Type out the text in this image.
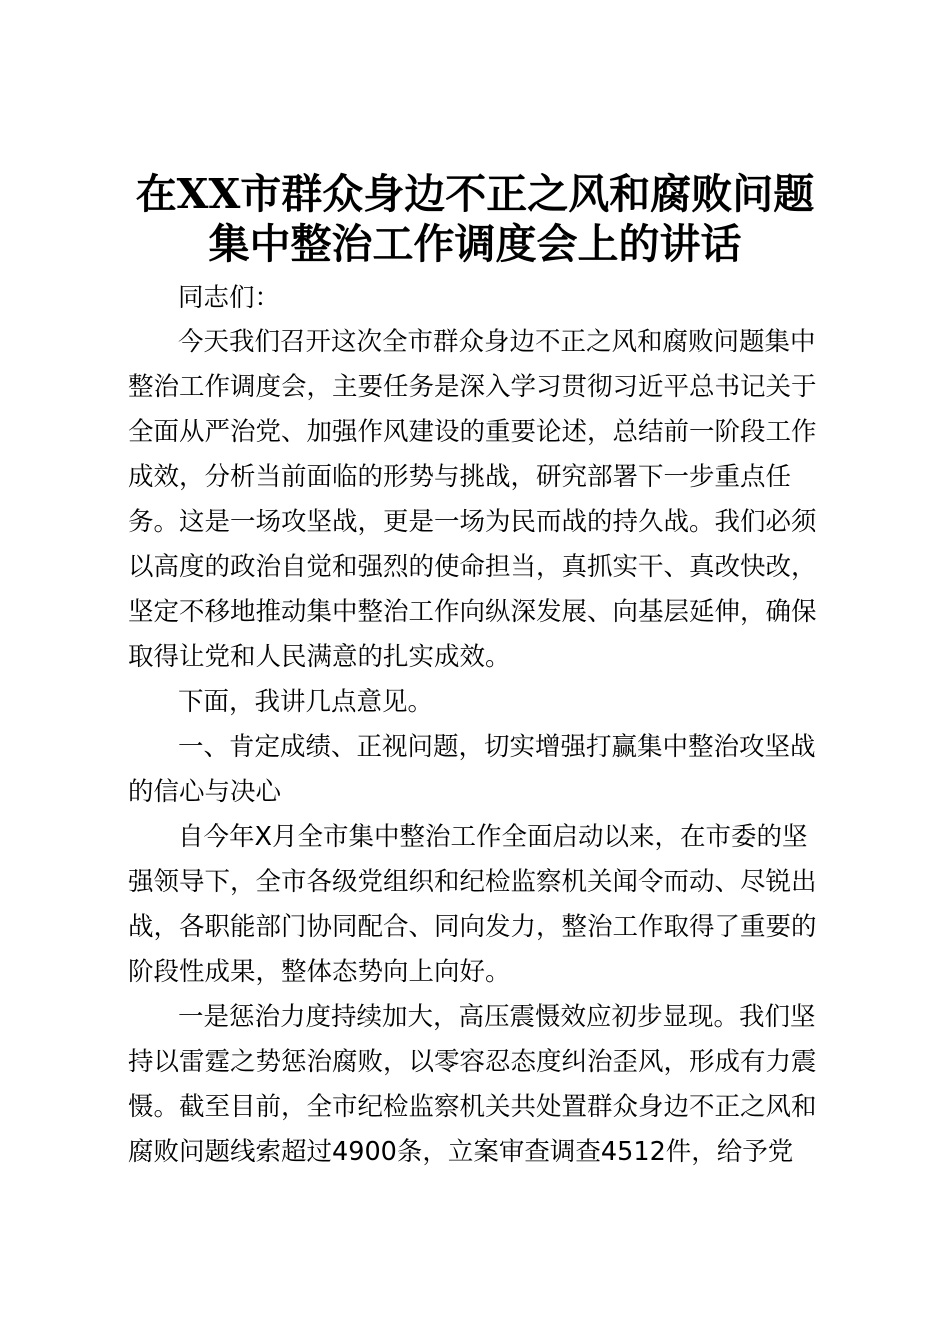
在XX市群众身边不正之风和腐败问题
集中整治工作调度会上的讲话
同志们：
今天我们召开这次全市群众身边不正之风和腐败问题集中
整治工作调度会，主要任务是深入学习贯彻习近平总书记关于
全面从严治党、加强作风建设的重要论述，总结前一阶段工作
成效，分析当前面临的形势与挑战，研究部署下一步重点任
务。这是一场攻坚战，更是一场为民而战的持久战。我们必须
以高度的政治自觉和强烈的使命担当，真抓实干、真改快改，
坚定不移地推动集中整治工作向纵深发展、向基层延伸，确保
取得让党和人民满意的扎实成效。
下面，我讲几点意见。
一、肯定成绩、正视问题，切实增强打赢集中整治攻坚战
的信心与决心
自今年X月全市集中整治工作全面启动以来，在市委的坚
强领导下，全市各级党组织和纪检监察机关闻令而动、尽锐出
战，各职能部门协同配合、同向发力，整治工作取得了重要的
阶段性成果，整体态势向上向好。
一是惩治力度持续加大，高压震慑效应初步显现。我们坚
持以雷霆之势惩治腐败，以零容忍态度纠治歪风，形成有力震
慑。截至目前，全市纪检监察机关共处置群众身边不正之风和
腐败问题线索超过4900条，立案审查调查4512件，给予党
